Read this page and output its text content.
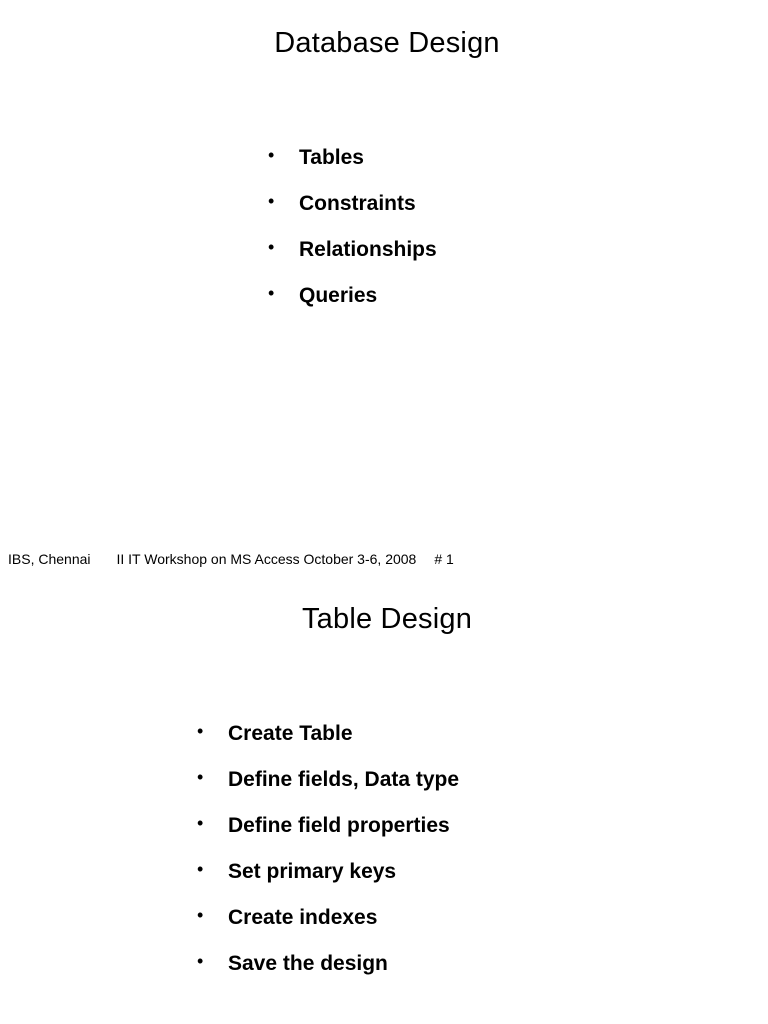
Database Design
• Tables
• Constraints
• Relationships
• Queries
IBS, Chennai II IT Workshop on MS Access October 3-6, 2008 # 1
Table Design
• Create Table
• Define fields, Data type
• Define field properties
• Set primary keys
• Create indexes
• Save the design
